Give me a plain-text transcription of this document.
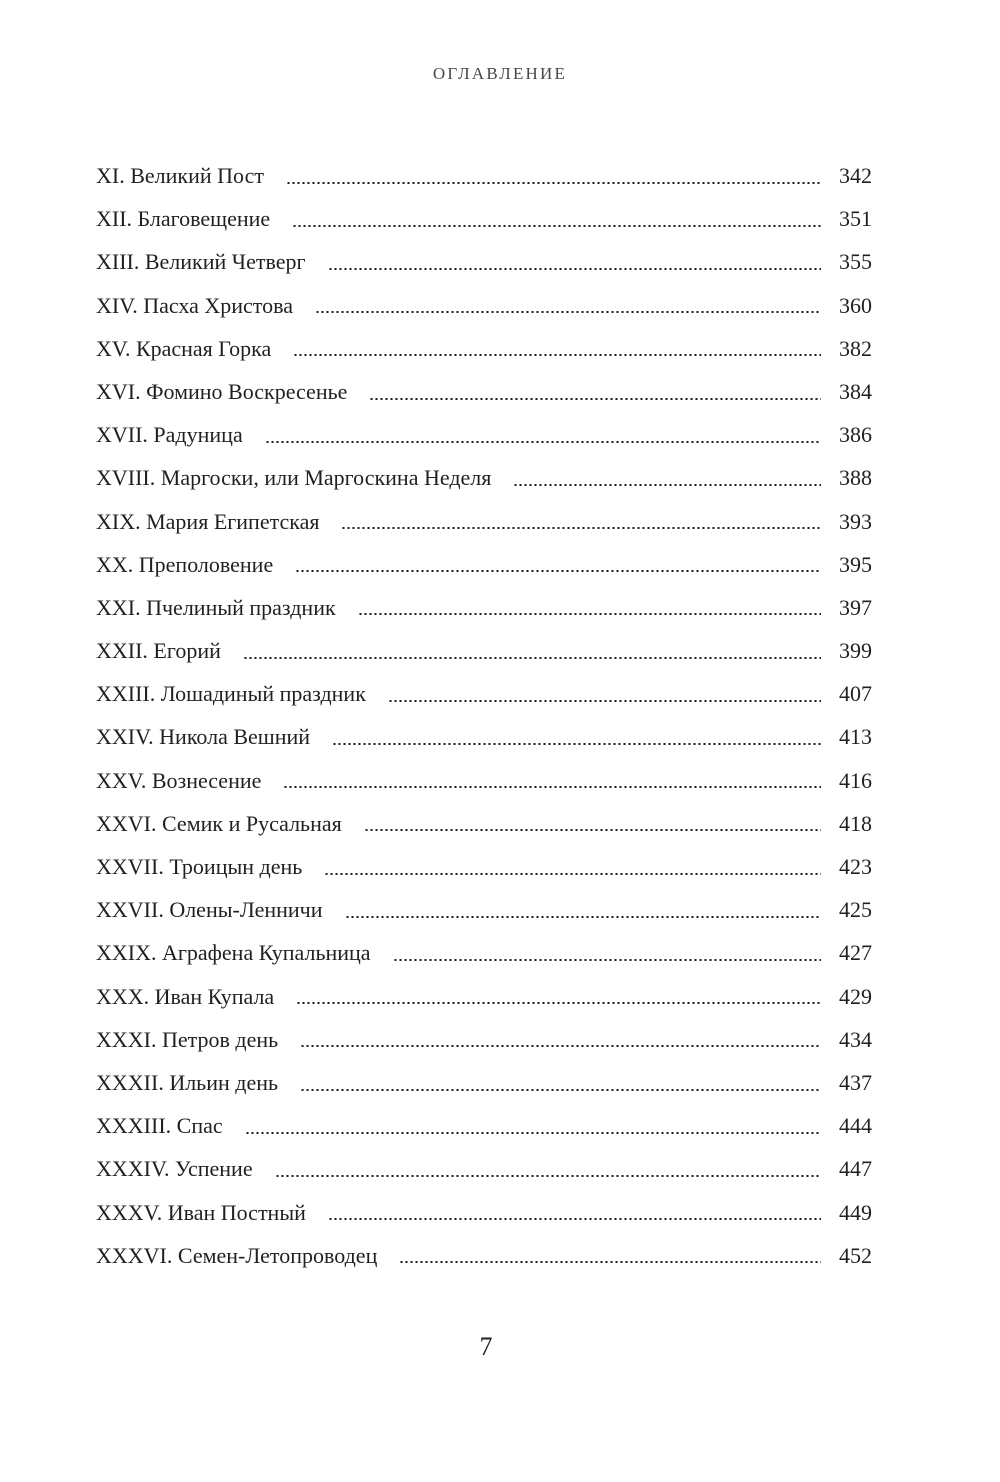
ОГЛАВЛЕНИЕ
XI. Великий Пост	342
XII. Благовещение	351
XIII. Великий Четверг	355
XIV. Пасха Христова	360
XV. Красная Горка	382
XVI. Фомино Воскресенье	384
XVII. Радуница	386
XVIII. Маргоски, или Маргоскина Неделя	388
XIX. Мария Египетская	393
XX. Преполовение	395
XXI. Пчелиный праздник	397
XXII. Егорий	399
XXIII. Лошадиный праздник	407
XXIV. Никола Вешний	413
XXV. Вознесение	416
XXVI. Семик и Русальная	418
XXVII. Троицын день	423
XXVII. Олены-Ленничи	425
XXIX. Аграфена Купальница	427
XXX. Иван Купала	429
XXXI. Петров день	434
XXXII. Ильин день	437
XXXIII. Спас	444
XXXIV. Успение	447
XXXV. Иван Постный	449
XXXVI. Семен-Летопроводец	452
7
